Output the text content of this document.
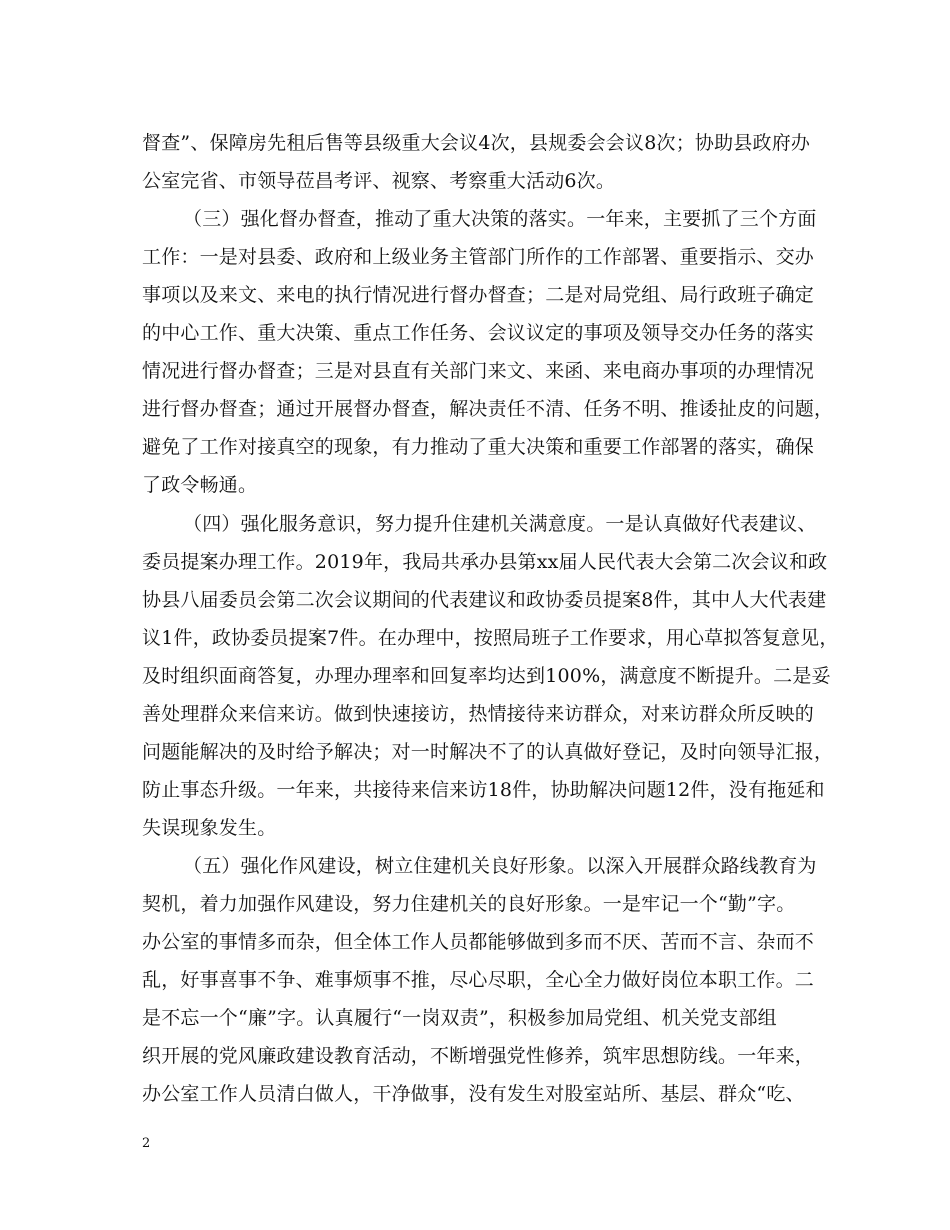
督查”、保障房先租后售等县级重大会议4次，县规委会会议8次；协助县政府办
公室完省、市领导莅昌考评、视察、考察重大活动6次。
（三）强化督办督查，推动了重大决策的落实。一年来，主要抓了三个方面
工作：一是对县委、政府和上级业务主管部门所作的工作部署、重要指示、交办
事项以及来文、来电的执行情况进行督办督查；二是对局党组、局行政班子确定
的中心工作、重大决策、重点工作任务、会议议定的事项及领导交办任务的落实
情况进行督办督查；三是对县直有关部门来文、来函、来电商办事项的办理情况
进行督办督查；通过开展督办督查，解决责任不清、任务不明、推诿扯皮的问题，
避免了工作对接真空的现象，有力推动了重大决策和重要工作部署的落实，确保
了政令畅通。
（四）强化服务意识，努力提升住建机关满意度。一是认真做好代表建议、
委员提案办理工作。2019年，我局共承办县第xx届人民代表大会第二次会议和政
协县八届委员会第二次会议期间的代表建议和政协委员提案8件，其中人大代表建
议1件，政协委员提案7件。在办理中，按照局班子工作要求，用心草拟答复意见，
及时组织面商答复，办理办理率和回复率均达到100%，满意度不断提升。二是妥
善处理群众来信来访。做到快速接访，热情接待来访群众，对来访群众所反映的
问题能解决的及时给予解决；对一时解决不了的认真做好登记，及时向领导汇报，
防止事态升级。一年来，共接待来信来访18件，协助解决问题12件，没有拖延和
失误现象发生。
（五）强化作风建设，树立住建机关良好形象。以深入开展群众路线教育为
契机，着力加强作风建设，努力住建机关的良好形象。一是牢记一个“勤”字。
办公室的事情多而杂，但全体工作人员都能够做到多而不厌、苦而不言、杂而不
乱，好事喜事不争、难事烦事不推，尽心尽职，全心全力做好岗位本职工作。二
是不忘一个“廉”字。认真履行“一岗双责”，积极参加局党组、机关党支部组
织开展的党风廉政建设教育活动，不断增强党性修养，筑牢思想防线。一年来，
办公室工作人员清白做人，干净做事，没有发生对股室站所、基层、群众“吃、
2
